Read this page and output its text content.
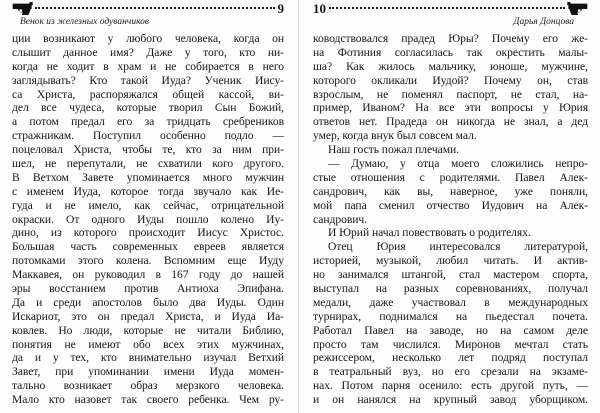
9
Венок из железных одуванчиков
ции возникают у любого человека, когда он
слышит данное имя? Даже у того, кто ни-
когда не ходит в храм и не собирается в него
заглядывать? Кто такой Иуда? Ученик Иису-
са Христа, распоряжался общей кассой, ви-
дел все чудеса, которые творил Сын Божий,
а потом предал его за тридцать сребреников
стражникам. Поступил особенно подло —
поцеловал Христа, чтобы те, кто за ним при-
шел, не перепутали, не схватили кого другого.
В Ветхом Завете упоминается много мужчин
с именем Иуда, которое тогда звучало как Ие-
гуда и не имело, как сейчас, отрицательной
окраски. От одного Иуды пошло колено Иу-
дино, из которого происходит Иисус Христос.
Большая часть современных евреев является
потомками этого колена. Вспомним еще Иуду
Маккавея, он руководил в 167 году до нашей
эры восстанием против Антиоха Эпифана.
Да и среди апостолов было два Иуды. Один
Искариот, это он предал Христа, и Иуда Иа-
ковлев. Но люди, которые не читали Библию,
понятия не имеют обо всех этих мужчинах,
да и у тех, кто внимательно изучал Ветхий
Завет, при упоминании имени Иуда момен-
тально возникает образ мерзкого человека.
Мало кто назовет так своего ребенка. Чем ру-
10
Дарья Донцова
ководствовался прадед Юры? Почему его же-
на Фотиния согласилась так окрестить малы-
ша? Как жилось мальчику, юноше, мужчине,
которого окликали Иудой? Почему он, став
взрослым, не поменял паспорт, не стал, на-
пример, Иваном? На все эти вопросы у Юрия
ответов нет. Прадеда он никогда не знал, а дед
умер, когда внук был совсем мал.
Наш гость пожал плечами.
— Думаю, у отца моего сложились непро-
стые отношения с родителями. Павел Алек-
сандрович, как вы, наверное, уже поняли,
мой папа сменил отчество Иудович на Алек-
сандрович.
И Юрий начал повествовать о родителях.
Отец Юрия интересовался литературой,
историей, музыкой, любил читать. И актив-
но занимался штангой, стал мастером спорта,
выступал на разных соревнованиях, получал
медали, даже участвовал в международных
турнирах, поднимался на пьедестал почета.
Работал Павел на заводе, но на самом деле
просто там числился. Миронов мечтал стать
режиссером, несколько лет подряд поступал
в театральный вуз, но его срезали на экзаме-
нах. Потом парня осенило: есть другой путь, —
и он нанялся на крупный завод уборщиком.
